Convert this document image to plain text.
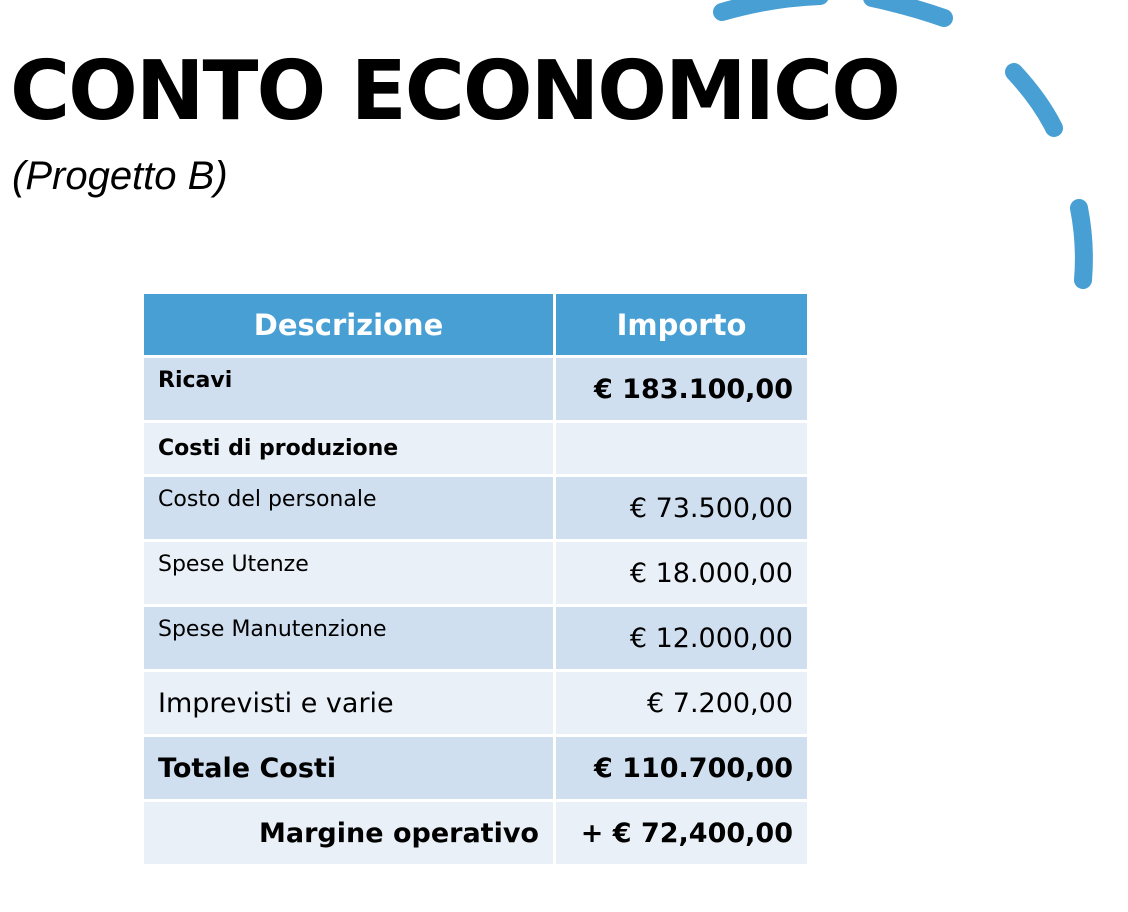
CONTO ECONOMICO
(Progetto B)
Descrizione	Importo
Ricavi	€ 183.100,00
Costi di produzione	
Costo del personale	€ 73.500,00
Spese Utenze	€ 18.000,00
Spese Manutenzione	€ 12.000,00
Imprevisti e varie	€ 7.200,00
Totale Costi	€ 110.700,00
Margine operativo	+ € 72,400,00
